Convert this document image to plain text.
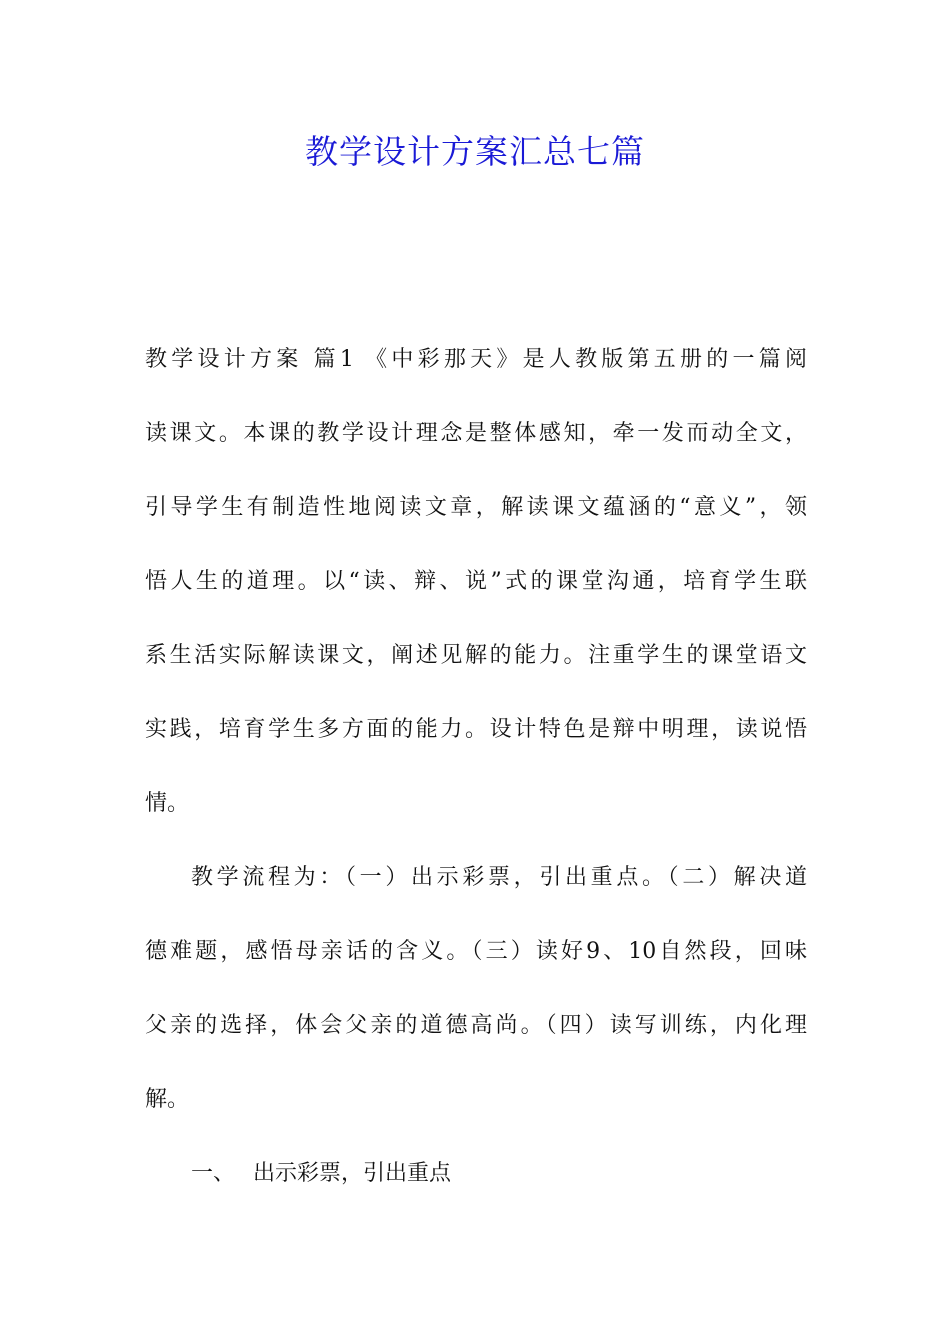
教学设计方案汇总七篇
教学设计方案 篇1 《中彩那天》是人教版第五册的一篇阅
读课文。本课的教学设计理念是整体感知，牵一发而动全文，
引导学生有制造性地阅读文章，解读课文蕴涵的“意义”，领
悟人生的道理。以“读、辩、说”式的课堂沟通，培育学生联
系生活实际解读课文，阐述见解的能力。注重学生的课堂语文
实践，培育学生多方面的能力。设计特色是辩中明理，读说悟
情。
教学流程为：（一）出示彩票，引出重点。（二）解决道
德难题，感悟母亲话的含义。（三）读好9、10自然段，回味
父亲的选择，体会父亲的道德高尚。（四）读写训练，内化理
解。
一、 出示彩票，引出重点
